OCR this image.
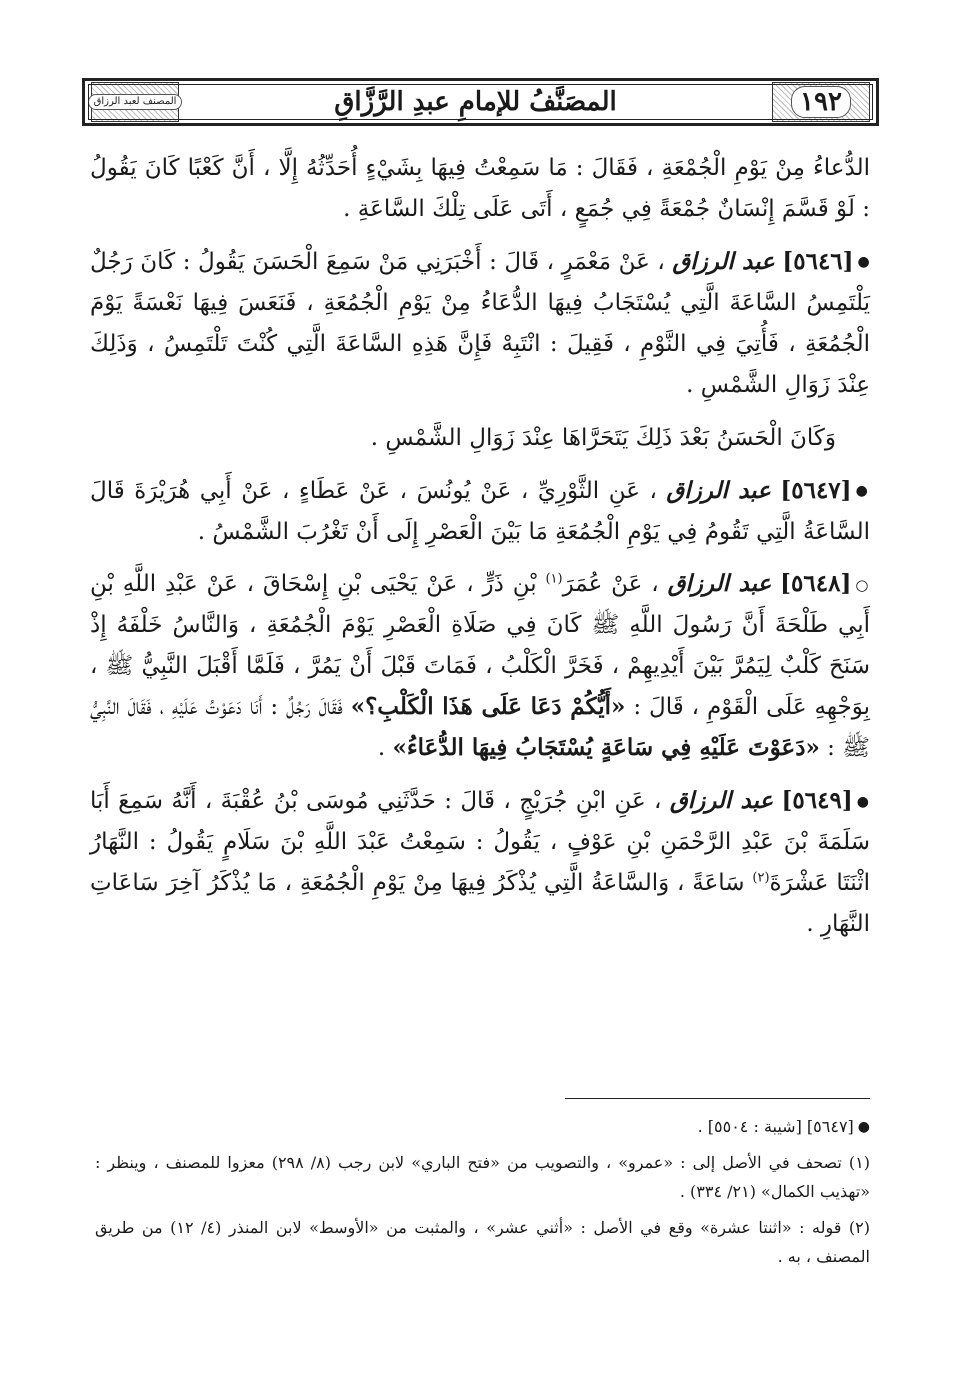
المصنف لعبد الرزاق	المصَنَّفُ للإمامِ عبدِ الرَّزَّاقِ	١٩٢

الدُّعاءُ مِنْ يَوْمِ الْجُمْعَةِ ، فَقَالَ : مَا سَمِعْتُ فِيهَا بِشَيْءٍ أُحَدِّثُهُ إِلَّا ، أَنَّ كَعْبًا كَانَ يَقُولُ : لَوْ قَسَّمَ إِنْسَانٌ جُمْعَةً فِي جُمَعٍ ، أَتَى عَلَى تِلْكَ السَّاعَةِ .

●[٥٦٤٦] عبد الرزاق ، عَنْ مَعْمَرٍ ، قَالَ : أَخْبَرَنِي مَنْ سَمِعَ الْحَسَنَ يَقُولُ : كَانَ رَجُلٌ يَلْتَمِسُ السَّاعَةَ الَّتِي يُسْتَجَابُ فِيهَا الدُّعَاءُ مِنْ يَوْمِ الْجُمُعَةِ ، فَنَعَسَ فِيهَا نَعْسَةً يَوْمَ الْجُمُعَةِ ، فَأُتِيَ فِي النَّوْمِ ، فَقِيلَ : انْتَبِهْ فَإِنَّ هَذِهِ السَّاعَةَ الَّتِي كُنْتَ تَلْتَمِسُ ، وَذَلِكَ عِنْدَ زَوَالِ الشَّمْسِ .

وَكَانَ الْحَسَنُ بَعْدَ ذَلِكَ يَتَحَرَّاهَا عِنْدَ زَوَالِ الشَّمْسِ .

●[٥٦٤٧] عبد الرزاق ، عَنِ الثَّوْرِيِّ ، عَنْ يُونُسَ ، عَنْ عَطَاءٍ ، عَنْ أَبِي هُرَيْرَةَ قَالَ السَّاعَةُ الَّتِي تَقُومُ فِي يَوْمِ الْجُمُعَةِ مَا بَيْنَ الْعَصْرِ إِلَى أَنْ تَغْرُبَ الشَّمْسُ .

○[٥٦٤٨] عبد الرزاق ، عَنْ عُمَرَ$^{(١)}$ بْنِ ذَرٍّ ، عَنْ يَحْيَى بْنِ إِسْحَاقَ ، عَنْ عَبْدِ اللَّهِ بْنِ أَبِي طَلْحَةَ أَنَّ رَسُولَ اللَّهِ ﷺ كَانَ فِي صَلَاةِ الْعَصْرِ يَوْمَ الْجُمُعَةِ ، وَالنَّاسُ خَلْفَهُ إِذْ سَنَحَ كَلْبٌ لِيَمُرَّ بَيْنَ أَيْدِيهِمْ ، فَخَرَّ الْكَلْبُ ، فَمَاتَ قَبْلَ أَنْ يَمُرَّ ، فَلَمَّا أَقْبَلَ النَّبِيُّ ﷺ ، بِوَجْهِهِ عَلَى الْقَوْمِ ، قَالَ : «أَيُّكُمْ دَعَا عَلَى هَذَا الْكَلْبِ؟» فَقَالَ رَجُلٌ : أَنَا دَعَوْتُ عَلَيْهِ ، فَقَالَ النَّبِيُّ ﷺ : «دَعَوْتَ عَلَيْهِ فِي سَاعَةٍ يُسْتَجَابُ فِيهَا الدُّعَاءُ» .

●[٥٦٤٩] عبد الرزاق ، عَنِ ابْنِ جُرَيْجٍ ، قَالَ : حَدَّثَنِي مُوسَى بْنُ عُقْبَةَ ، أَنَّهُ سَمِعَ أَبَا سَلَمَةَ بْنَ عَبْدِ الرَّحْمَنِ بْنِ عَوْفٍ ، يَقُولُ : سَمِعْتُ عَبْدَ اللَّهِ بْنَ سَلَامٍ يَقُولُ : النَّهَارُ اثْنَتَا عَشْرَةَ$^{(٢)}$ سَاعَةً ، وَالسَّاعَةُ الَّتِي يُذْكَرُ فِيهَا مِنْ يَوْمِ الْجُمُعَةِ ، مَا يُذْكَرُ آخِرَ سَاعَاتِ النَّهَارِ .

●[٥٦٤٧] [شيبة : ٥٥٠٤] .

(١) تصحف في الأصل إلى : «عمرو» ، والتصويب من «فتح الباري» لابن رجب (٨/ ٢٩٨) معزوا للمصنف ، وينظر : «تهذيب الكمال» (٢١/ ٣٣٤) .

(٢) قوله : «اثنتا عشرة» وقع في الأصل : «أثني عشر» ، والمثبت من «الأوسط» لابن المنذر (٤/ ١٢) من طريق المصنف ، به .
